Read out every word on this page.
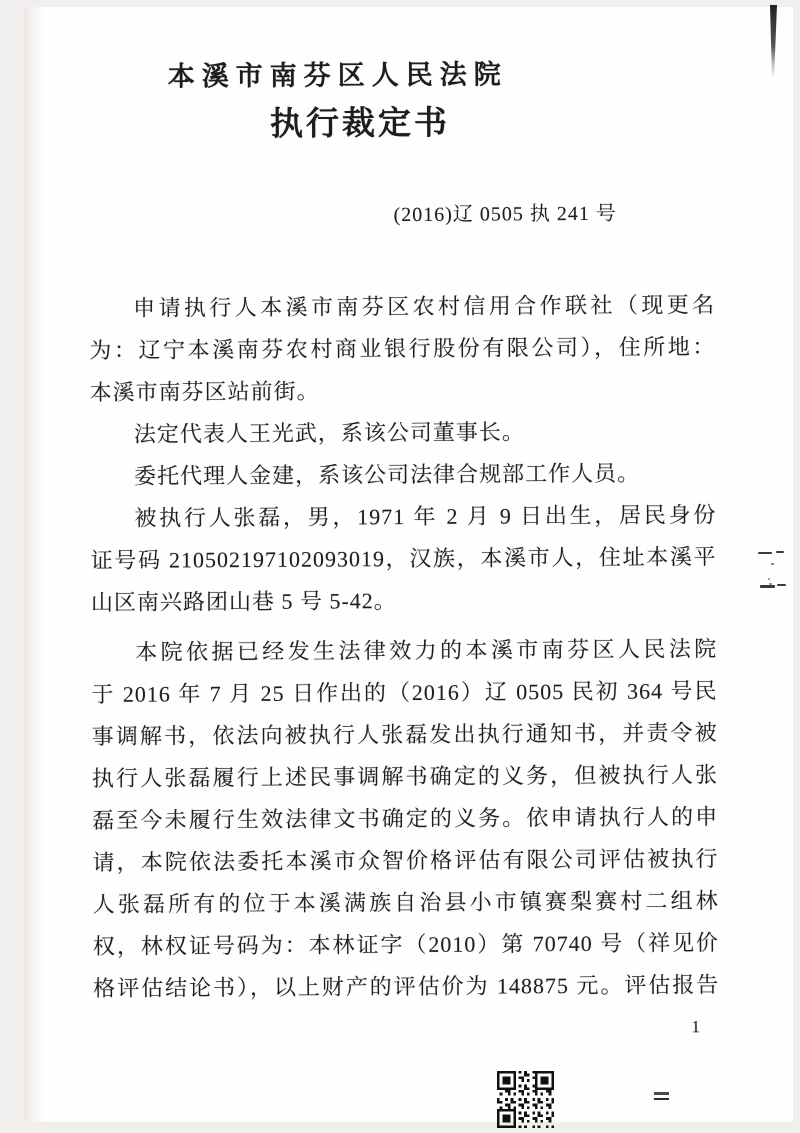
本溪市南芬区人民法院
执行裁定书
(2016)辽 0505 执 241 号

申请执行人本溪市南芬区农村信用合作联社（现更名

为：辽宁本溪南芬农村商业银行股份有限公司），住所地：

本溪市南芬区站前街。

法定代表人王光武，系该公司董事长。

委托代理人金建，系该公司法律合规部工作人员。

被执行人张磊，男，1971 年 2 月 9 日出生，居民身份

证号码 210502197102093019，汉族，本溪市人，住址本溪平

山区南兴路团山巷 5 号 5-42。

本院依据已经发生法律效力的本溪市南芬区人民法院

于 2016 年 7 月 25 日作出的（2016）辽 0505 民初 364 号民

事调解书，依法向被执行人张磊发出执行通知书，并责令被

执行人张磊履行上述民事调解书确定的义务，但被执行人张

磊至今未履行生效法律文书确定的义务。依申请执行人的申

请，本院依法委托本溪市众智价格评估有限公司评估被执行

人张磊所有的位于本溪满族自治县小市镇赛梨赛村二组林

权，林权证号码为：本林证字（2010）第 70740 号（祥见价

格评估结论书），以上财产的评估价为 148875 元。评估报告

1
